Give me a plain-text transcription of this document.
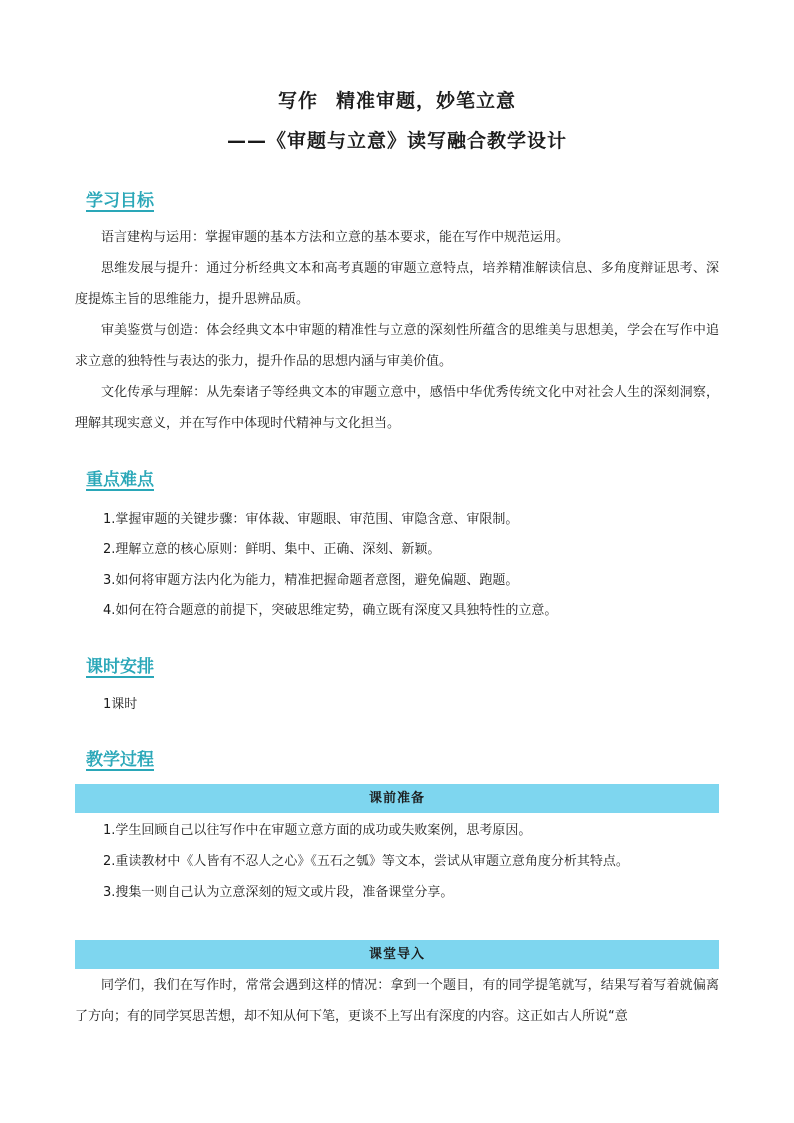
写作 精准审题，妙笔立意
——《审题与立意》读写融合教学设计
学习目标

语言建构与运用：掌握审题的基本方法和立意的基本要求，能在写作中规范运用。

思维发展与提升：通过分析经典文本和高考真题的审题立意特点，培养精准解读信息、多角度辩证思考、深度提炼主旨的思维能力，提升思辨品质。

审美鉴赏与创造：体会经典文本中审题的精准性与立意的深刻性所蕴含的思维美与思想美，学会在写作中追求立意的独特性与表达的张力，提升作品的思想内涵与审美价值。

文化传承与理解：从先秦诸子等经典文本的审题立意中，感悟中华优秀传统文化中对社会人生的深刻洞察，理解其现实意义，并在写作中体现时代精神与文化担当。

重点难点

1.掌握审题的关键步骤：审体裁、审题眼、审范围、审隐含意、审限制。

2.理解立意的核心原则：鲜明、集中、正确、深刻、新颖。

3.如何将审题方法内化为能力，精准把握命题者意图，避免偏题、跑题。

4.如何在符合题意的前提下，突破思维定势，确立既有深度又具独特性的立意。

课时安排

1课时

教学过程
课前准备

1.学生回顾自己以往写作中在审题立意方面的成功或失败案例，思考原因。

2.重读教材中《人皆有不忍人之心》《五石之瓠》等文本，尝试从审题立意角度分析其特点。

3.搜集一则自己认为立意深刻的短文或片段，准备课堂分享。

课堂导入

同学们，我们在写作时，常常会遇到这样的情况：拿到一个题目，有的同学提笔就写，结果写着写着就偏离了方向；有的同学冥思苦想，却不知从何下笔，更谈不上写出有深度的内容。这正如古人所说“意
